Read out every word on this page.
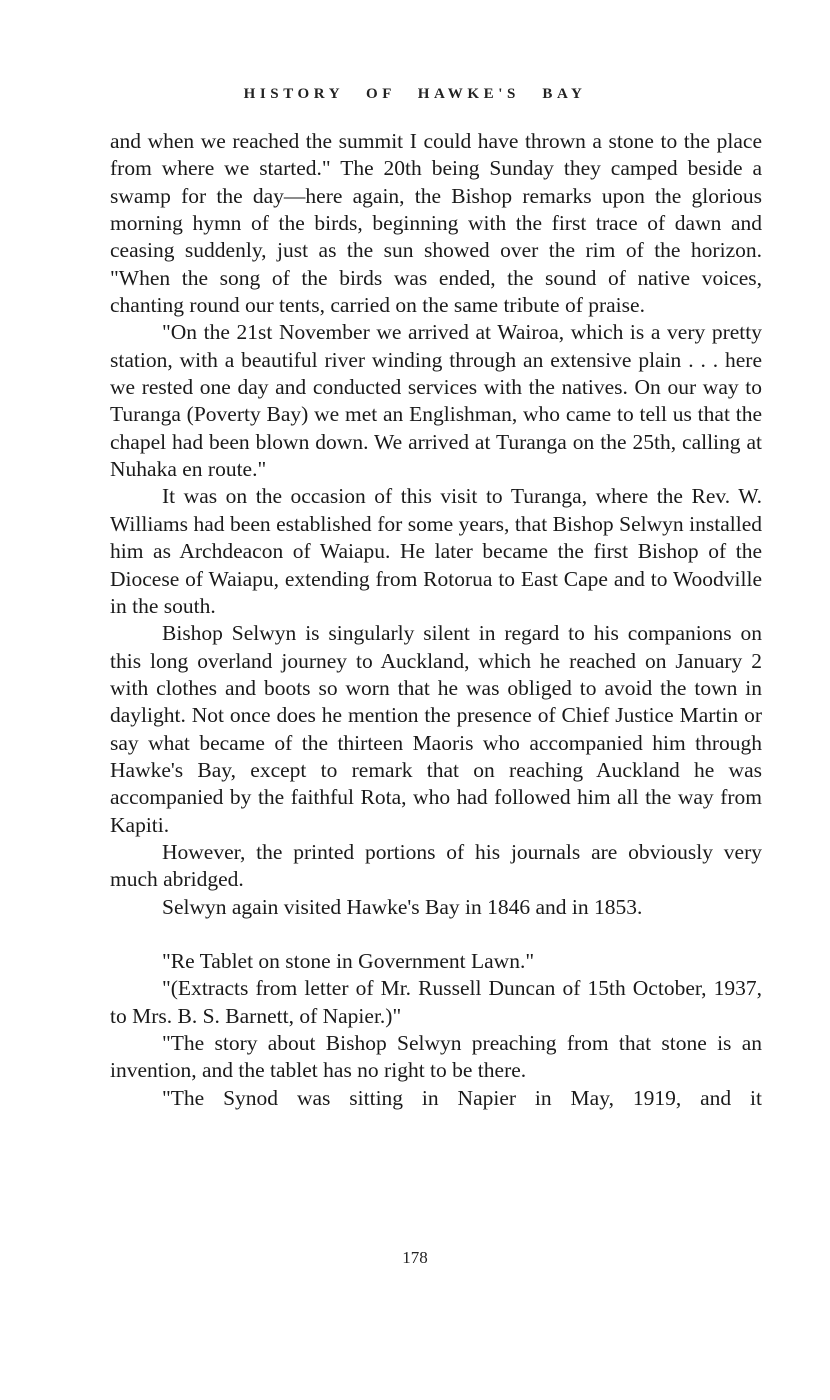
HISTORY OF HAWKE'S BAY

and when we reached the summit I could have thrown a stone to the place from where we started." The 20th being Sunday they camped beside a swamp for the day—here again, the Bishop remarks upon the glorious morning hymn of the birds, beginning with the first trace of dawn and ceasing suddenly, just as the sun showed over the rim of the horizon. "When the song of the birds was ended, the sound of native voices, chanting round our tents, carried on the same tribute of praise.

"On the 21st November we arrived at Wairoa, which is a very pretty station, with a beautiful river winding through an extensive plain . . . here we rested one day and conducted services with the natives. On our way to Turanga (Poverty Bay) we met an Englishman, who came to tell us that the chapel had been blown down. We arrived at Turanga on the 25th, calling at Nuhaka en route."

It was on the occasion of this visit to Turanga, where the Rev. W. Williams had been established for some years, that Bishop Selwyn installed him as Archdeacon of Waiapu. He later became the first Bishop of the Diocese of Waiapu, extending from Rotorua to East Cape and to Woodville in the south.

Bishop Selwyn is singularly silent in regard to his companions on this long overland journey to Auckland, which he reached on January 2 with clothes and boots so worn that he was obliged to avoid the town in daylight. Not once does he mention the presence of Chief Justice Martin or say what became of the thirteen Maoris who accompanied him through Hawke's Bay, except to remark that on reaching Auckland he was accompanied by the faithful Rota, who had followed him all the way from Kapiti.

However, the printed portions of his journals are obviously very much abridged.

Selwyn again visited Hawke's Bay in 1846 and in 1853.

"Re Tablet on stone in Government Lawn."

"(Extracts from letter of Mr. Russell Duncan of 15th October, 1937, to Mrs. B. S. Barnett, of Napier.)"

"The story about Bishop Selwyn preaching from that stone is an invention, and the tablet has no right to be there.

"The Synod was sitting in Napier in May, 1919, and it

178
